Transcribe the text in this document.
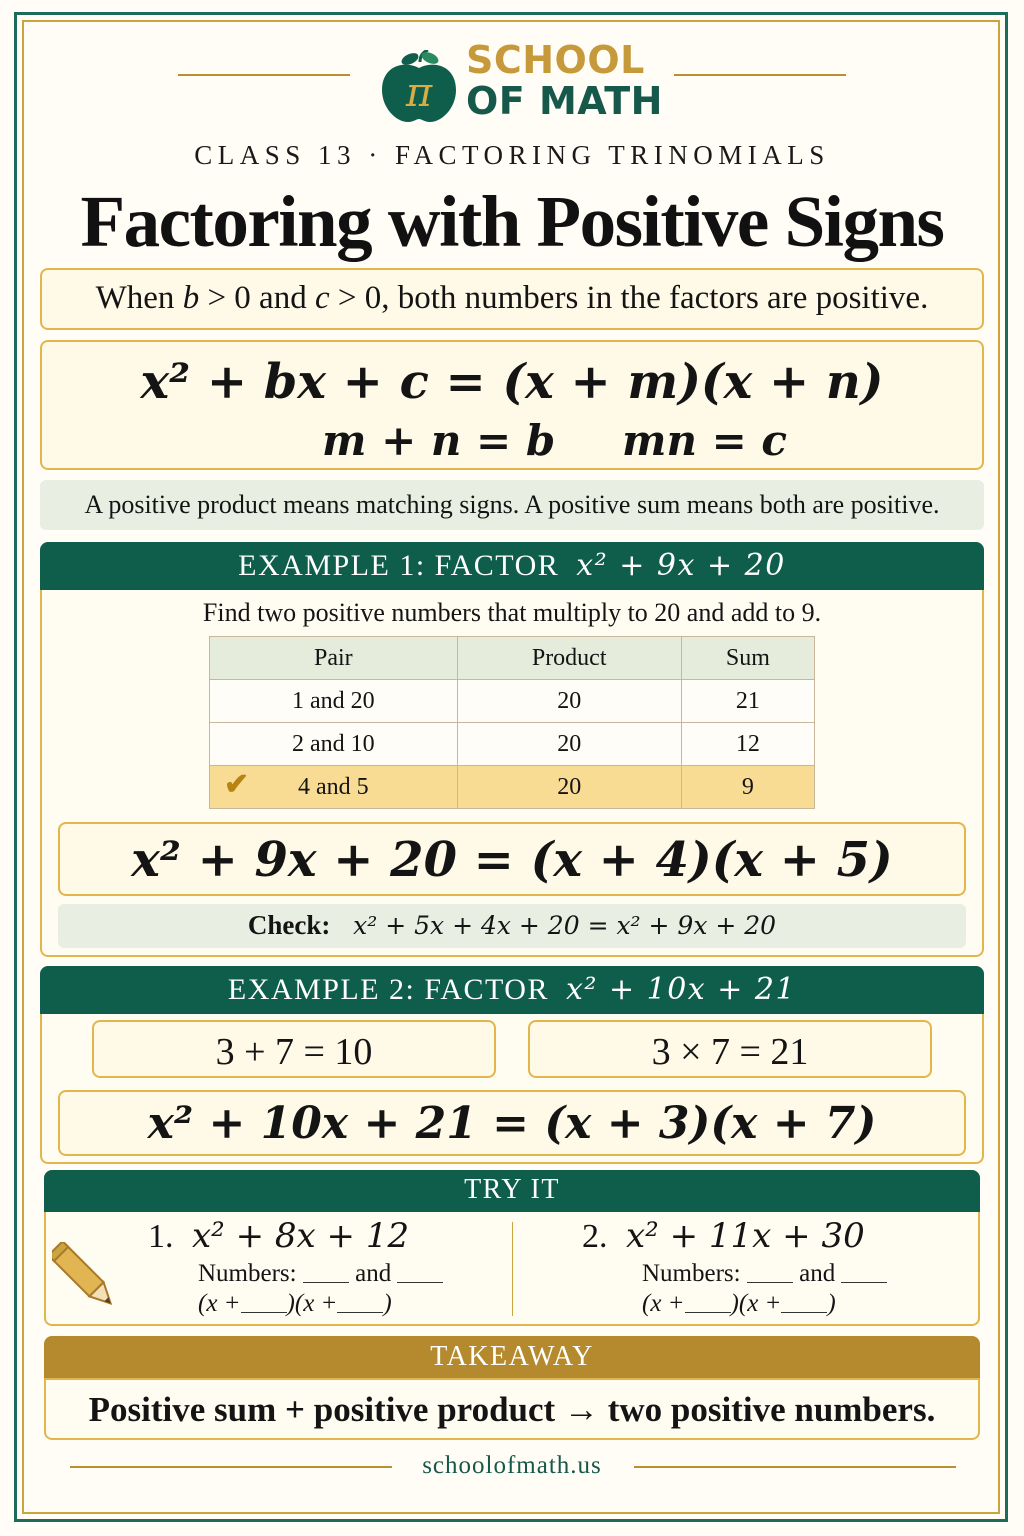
π
SCHOOL
OF MATH
CLASS 13 · FACTORING TRINOMIALS
Factoring with Positive Signs
When b > 0 and c > 0, both numbers in the factors are positive.
x² + bx + c = (x + m)(x + n)
m + n = b mn = c
A positive product means matching signs. A positive sum means both are positive.
EXAMPLE 1: FACTOR x² + 9x + 20
Find two positive numbers that multiply to 20 and add to 9.
Pair	Product	Sum
1 and 20	20	21
2 and 10	20	12

✔ 4 and 5	20	9
x² + 9x + 20 = (x + 4)(x + 5)
Check: x² + 5x + 4x + 20 = x² + 9x + 20
EXAMPLE 2: FACTOR x² + 10x + 21
3 + 7 = 10	3 × 7 = 21
x² + 10x + 21 = (x + 3)(x + 7)
TRY IT
1. x² + 8x + 12
Numbers: and
(x + )(x + )
2. x² + 11x + 30
Numbers: and
(x + )(x + )
TAKEAWAY
Positive sum + positive product → two positive numbers.
schoolofmath.us
